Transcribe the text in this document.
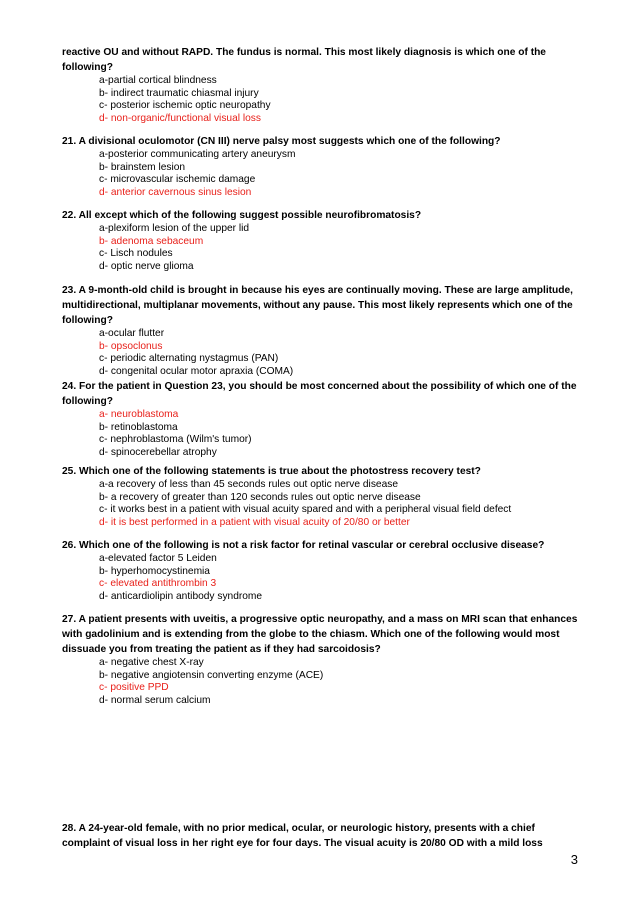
reactive OU and without RAPD. The fundus is normal. This most likely diagnosis is which one of the following?

a-partial cortical blindness
b- indirect traumatic chiasmal injury
c- posterior ischemic optic neuropathy
d- non-organic/functional visual loss

21. A divisional oculomotor (CN III) nerve palsy most suggests which one of the following?

a-posterior communicating artery aneurysm
b- brainstem lesion
c- microvascular ischemic damage
d- anterior cavernous sinus lesion

22. All except which of the following suggest possible neurofibromatosis?

a-plexiform lesion of the upper lid
b- adenoma sebaceum
c- Lisch nodules
d- optic nerve glioma

23. A 9-month-old child is brought in because his eyes are continually moving. These are large amplitude, multidirectional, multiplanar movements, without any pause. This most likely represents which one of the following?

a-ocular flutter
b- opsoclonus
c- periodic alternating nystagmus (PAN)
d- congenital ocular motor apraxia (COMA)

24. For the patient in Question 23, you should be most concerned about the possibility of which one of the following?

a- neuroblastoma
b- retinoblastoma
c- nephroblastoma (Wilm's tumor)
d- spinocerebellar atrophy

25. Which one of the following statements is true about the photostress recovery test?

a-a recovery of less than 45 seconds rules out optic nerve disease
b- a recovery of greater than 120 seconds rules out optic nerve disease
c- it works best in a patient with visual acuity spared and with a peripheral visual field defect
d- it is best performed in a patient with visual acuity of 20/80 or better

26. Which one of the following is not a risk factor for retinal vascular or cerebral occlusive disease?

a-elevated factor 5 Leiden
b- hyperhomocystinemia
c- elevated antithrombin 3
d- anticardiolipin antibody syndrome

27. A patient presents with uveitis, a progressive optic neuropathy, and a mass on MRI scan that enhances with gadolinium and is extending from the globe to the chiasm. Which one of the following would most dissuade you from treating the patient as if they had sarcoidosis?

a- negative chest X-ray
b- negative angiotensin converting enzyme (ACE)
c- positive PPD
d- normal serum calcium

28. A 24-year-old female, with no prior medical, ocular, or neurologic history, presents with a chief complaint of visual loss in her right eye for four days. The visual acuity is 20/80 OD with a mild loss

3
